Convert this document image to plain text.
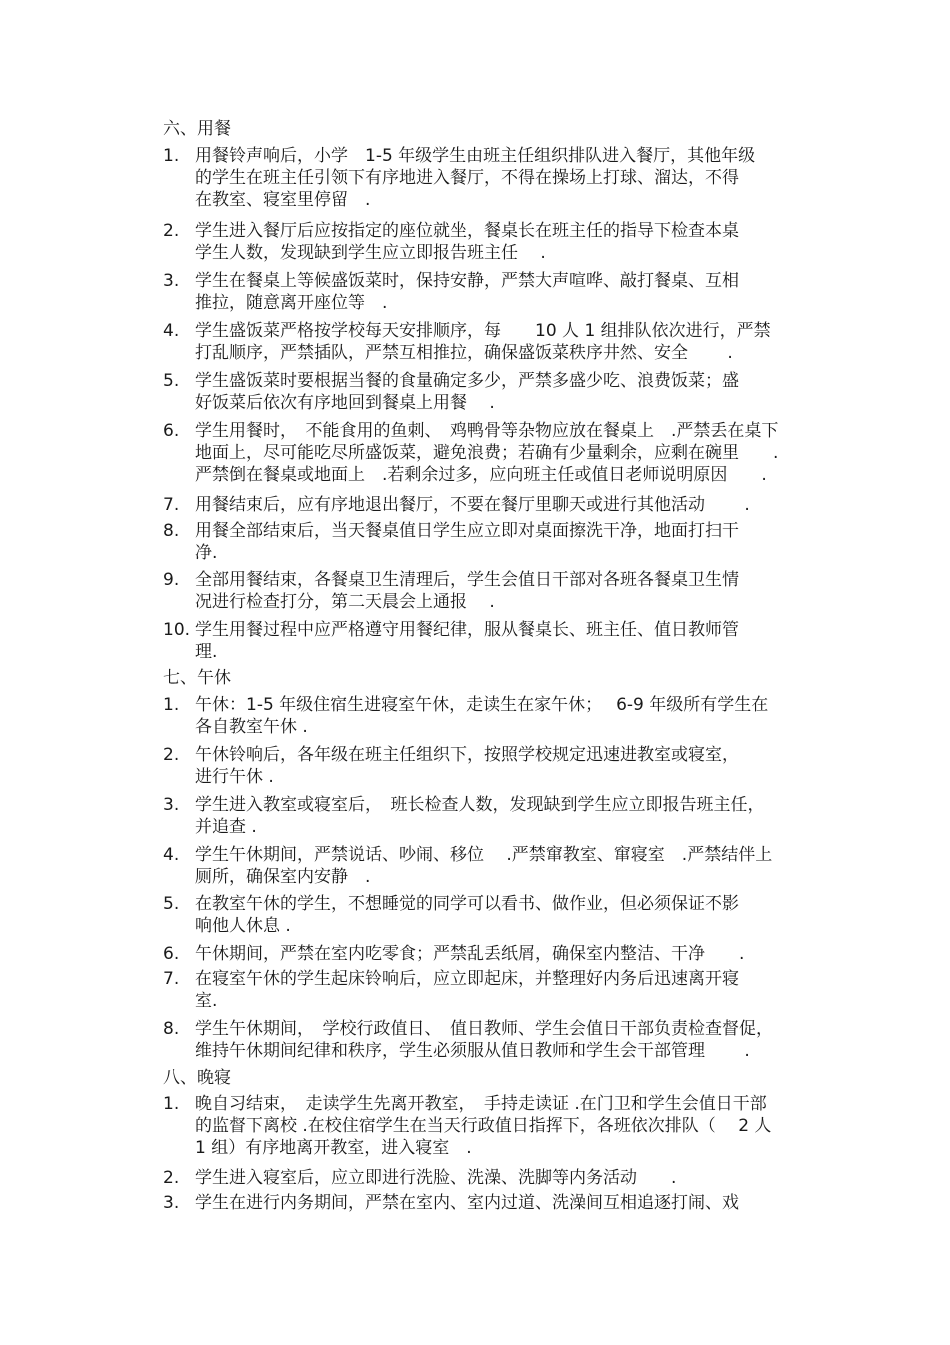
六、用餐
1. 用餐铃声响后，小学　1-5 年级学生由班主任组织排队进入餐厅，其他年级
的学生在班主任引领下有序地进入餐厅，不得在操场上打球、溜达，不得
在教室、寝室里停留　.
2. 学生进入餐厅后应按指定的座位就坐，餐桌长在班主任的指导下检查本桌
学生人数，发现缺到学生应立即报告班主任　 .
3. 学生在餐桌上等候盛饭菜时，保持安静，严禁大声喧哗、敲打餐桌、互相
推拉，随意离开座位等　.
4. 学生盛饭菜严格按学校每天安排顺序，每　　10 人 1 组排队依次进行，严禁
打乱顺序，严禁插队，严禁互相推拉，确保盛饭菜秩序井然、安全　　 .
5. 学生盛饭菜时要根据当餐的食量确定多少，严禁多盛少吃、浪费饭菜；盛
好饭菜后依次有序地回到餐桌上用餐　 .
6. 学生用餐时，　不能食用的鱼刺、　鸡鸭骨等杂物应放在餐桌上　.严禁丢在桌下
地面上，尽可能吃尽所盛饭菜，避免浪费；若确有少量剩余，应剩在碗里　　.
严禁倒在餐桌或地面上　.若剩余过多，应向班主任或值日老师说明原因　　.
7. 用餐结束后，应有序地退出餐厅，不要在餐厅里聊天或进行其他活动　　 .
8. 用餐全部结束后，当天餐桌值日学生应立即对桌面擦洗干净，地面打扫干
净.
9. 全部用餐结束，各餐桌卫生清理后，学生会值日干部对各班各餐桌卫生情
况进行检查打分，第二天晨会上通报　 .
10. 学生用餐过程中应严格遵守用餐纪律，服从餐桌长、班主任、值日教师管
理.
七、午休
1. 午休：1-5 年级住宿生进寝室午休，走读生在家午休；　 6-9 年级所有学生在
各自教室午休 .
2. 午休铃响后，各年级在班主任组织下，按照学校规定迅速进教室或寝室，
进行午休 .
3. 学生进入教室或寝室后，　班长检查人数，发现缺到学生应立即报告班主任，
并追查 .
4. 学生午休期间，严禁说话、吵闹、移位　 .严禁窜教室、窜寝室　.严禁结伴上
厕所，确保室内安静　.
5. 在教室午休的学生，不想睡觉的同学可以看书、做作业，但必须保证不影
响他人休息 .
6. 午休期间，严禁在室内吃零食；严禁乱丢纸屑，确保室内整洁、干净　　.
7. 在寝室午休的学生起床铃响后，应立即起床，并整理好内务后迅速离开寝
室.
8. 学生午休期间，　学校行政值日、　值日教师、学生会值日干部负责检查督促，
维持午休期间纪律和秩序，学生必须服从值日教师和学生会干部管理　　 .
八、晚寝
1. 晚自习结束，　走读学生先离开教室，　手持走读证 .在门卫和学生会值日干部
的监督下离校 .在校住宿学生在当天行政值日指挥下，各班依次排队（　 2 人
1 组）有序地离开教室，进入寝室　.
2. 学生进入寝室后，应立即进行洗脸、洗澡、洗脚等内务活动　　.
3. 学生在进行内务期间，严禁在室内、室内过道、洗澡间互相追逐打闹、戏
